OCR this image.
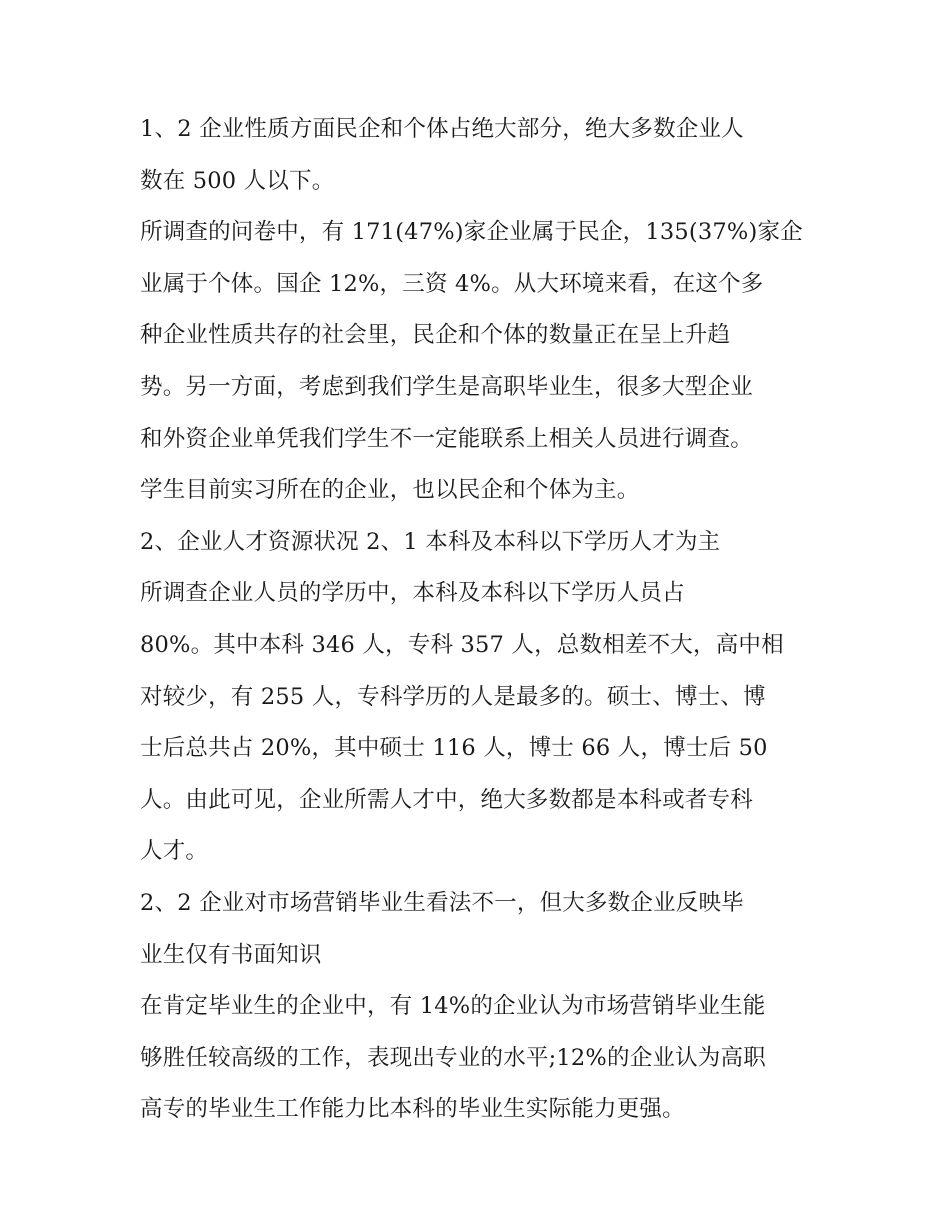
1、2 企业性质方面民企和个体占绝大部分，绝大多数企业人
数在 500 人以下。
所调查的问卷中，有 171(47%)家企业属于民企，135(37%)家企
业属于个体。国企 12%，三资 4%。从大环境来看，在这个多
种企业性质共存的社会里，民企和个体的数量正在呈上升趋
势。另一方面，考虑到我们学生是高职毕业生，很多大型企业
和外资企业单凭我们学生不一定能联系上相关人员进行调查。
学生目前实习所在的企业，也以民企和个体为主。
2、企业人才资源状况 2、1 本科及本科以下学历人才为主
所调查企业人员的学历中，本科及本科以下学历人员占
80%。其中本科 346 人，专科 357 人，总数相差不大，高中相
对较少，有 255 人，专科学历的人是最多的。硕士、博士、博
士后总共占 20%，其中硕士 116 人，博士 66 人，博士后 50
人。由此可见，企业所需人才中，绝大多数都是本科或者专科
人才。
2、2 企业对市场营销毕业生看法不一，但大多数企业反映毕
业生仅有书面知识
在肯定毕业生的企业中，有 14%的企业认为市场营销毕业生能
够胜任较高级的工作，表现出专业的水平;12%的企业认为高职
高专的毕业生工作能力比本科的毕业生实际能力更强。
